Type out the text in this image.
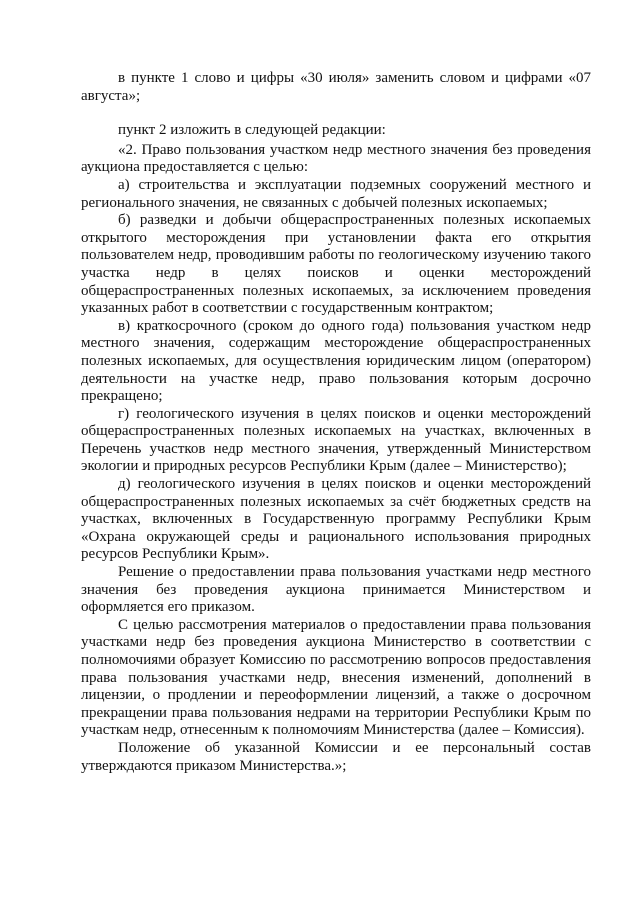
в пункте 1 слово и цифры «30 июля» заменить словом и цифрами «07 августа»;

пункт 2 изложить в следующей редакции:

«2. Право пользования участком недр местного значения без проведения аукциона предоставляется с целью:

а) строительства и эксплуатации подземных сооружений местного и регионального значения, не связанных с добычей полезных ископаемых;

б) разведки и добычи общераспространенных полезных ископаемых открытого месторождения при установлении факта его открытия пользователем недр, проводившим работы по геологическому изучению такого участка недр в целях поисков и оценки месторождений общераспространенных полезных ископаемых, за исключением проведения указанных работ в соответствии с государственным контрактом;

в) краткосрочного (сроком до одного года) пользования участком недр местного значения, содержащим месторождение общераспространенных полезных ископаемых, для осуществления юридическим лицом (оператором) деятельности на участке недр, право пользования которым досрочно прекращено;

г) геологического изучения в целях поисков и оценки месторождений общераспространенных полезных ископаемых на участках, включенных в Перечень участков недр местного значения, утвержденный Министерством экологии и природных ресурсов Республики Крым (далее – Министерство);

д) геологического изучения в целях поисков и оценки месторождений общераспространенных полезных ископаемых за счёт бюджетных средств на участках, включенных в Государственную программу Республики Крым «Охрана окружающей среды и рационального использования природных ресурсов Республики Крым».

Решение о предоставлении права пользования участками недр местного значения без проведения аукциона принимается Министерством и оформляется его приказом.

С целью рассмотрения материалов о предоставлении права пользования участками недр без проведения аукциона Министерство в соответствии с полномочиями образует Комиссию по рассмотрению вопросов предоставления права пользования участками недр, внесения изменений, дополнений в лицензии, о продлении и переоформлении лицензий, а также о досрочном прекращении права пользования недрами на территории Республики Крым по участкам недр, отнесенным к полномочиям Министерства (далее – Комиссия).

Положение об указанной Комиссии и ее персональный состав утверждаются приказом Министерства.»;
